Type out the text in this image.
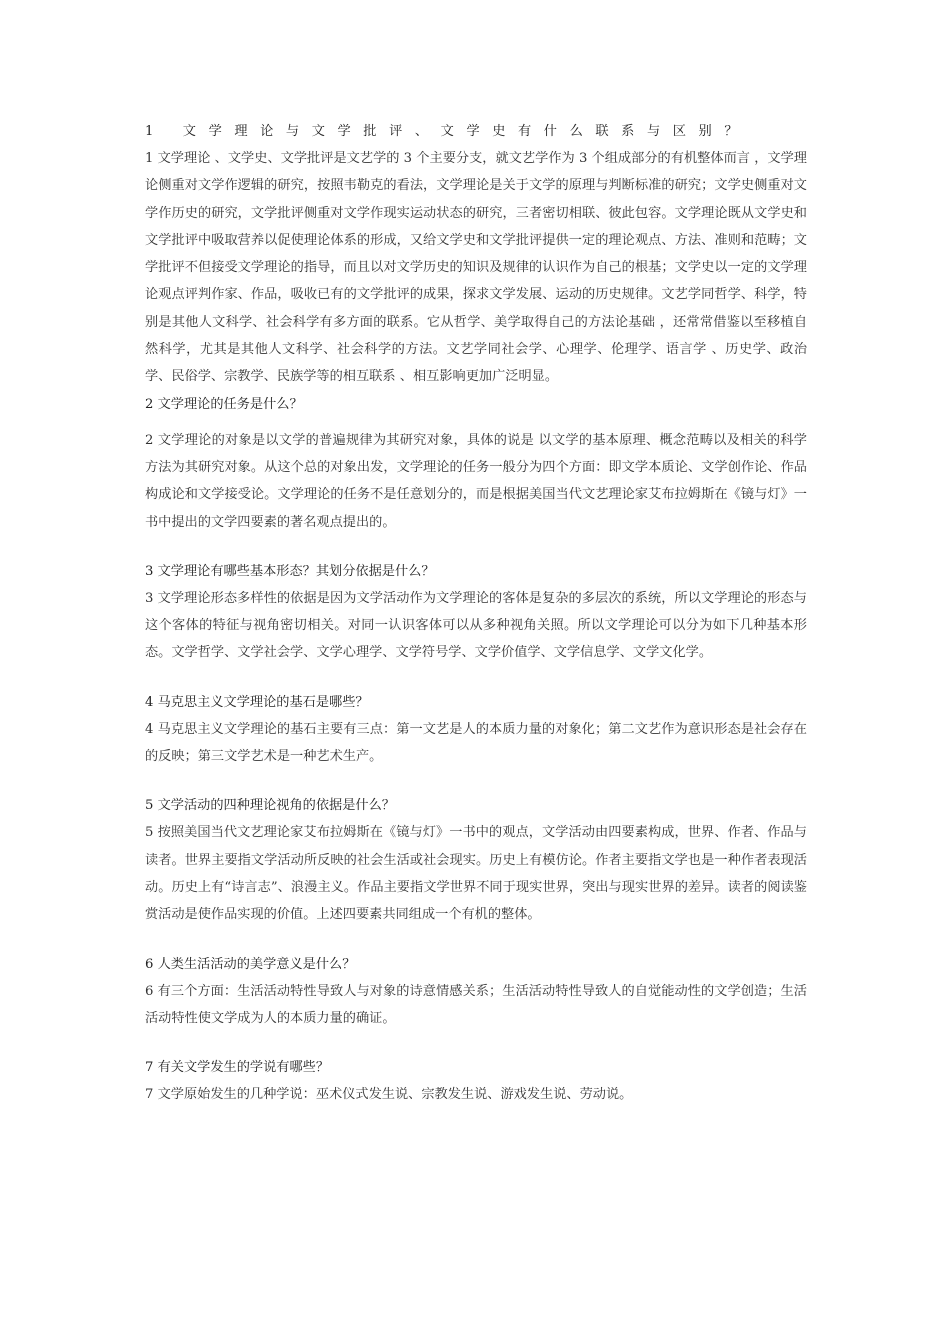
1 文学理论与文学批评、文学史有什么联系与区别？

1 文学理论 、文学史、文学批评是文艺学的 3 个主要分支，就文艺学作为 3 个组成部分的有机整体而言 ，文学理论侧重对文学作逻辑的研究，按照韦勒克的看法，文学理论是关于文学的原理与判断标准的研究；文学史侧重对文学作历史的研究，文学批评侧重对文学作现实运动状态的研究，三者密切相联、彼此包容。文学理论既从文学史和文学批评中吸取营养以促使理论体系的形成，又给文学史和文学批评提供一定的理论观点、方法、准则和范畴；文学批评不但接受文学理论的指导，而且以对文学历史的知识及规律的认识作为自己的根基；文学史以一定的文学理论观点评判作家、作品，吸收已有的文学批评的成果，探求文学发展、运动的历史规律。文艺学同哲学、科学，特别是其他人文科学、社会科学有多方面的联系。它从哲学、美学取得自己的方法论基础 ，还常常借鉴以至移植自然科学，尤其是其他人文科学、社会科学的方法。文艺学同社会学、心理学、伦理学、语言学 、历史学、政治学、民俗学、宗教学、民族学等的相互联系 、相互影响更加广泛明显。

2 文学理论的任务是什么？

2 文学理论的对象是以文学的普遍规律为其研究对象，具体的说是 以文学的基本原理、概念范畴以及相关的科学方法为其研究对象。从这个总的对象出发，文学理论的任务一般分为四个方面：即文学本质论、文学创作论、作品构成论和文学接受论。文学理论的任务不是任意划分的，而是根据美国当代文艺理论家艾布拉姆斯在《镜与灯》一书中提出的文学四要素的著名观点提出的。

3 文学理论有哪些基本形态？其划分依据是什么？

3 文学理论形态多样性的依据是因为文学活动作为文学理论的客体是复杂的多层次的系统，所以文学理论的形态与这个客体的特征与视角密切相关。对同一认识客体可以从多种视角关照。所以文学理论可以分为如下几种基本形态。文学哲学、文学社会学、文学心理学、文学符号学、文学价值学、文学信息学、文学文化学。

4 马克思主义文学理论的基石是哪些？

4 马克思主义文学理论的基石主要有三点：第一文艺是人的本质力量的对象化；第二文艺作为意识形态是社会存在的反映；第三文学艺术是一种艺术生产。

5 文学活动的四种理论视角的依据是什么？

5 按照美国当代文艺理论家艾布拉姆斯在《镜与灯》一书中的观点，文学活动由四要素构成，世界、作者、作品与读者。世界主要指文学活动所反映的社会生活或社会现实。历史上有模仿论。作者主要指文学也是一种作者表现活动。历史上有“诗言志”、浪漫主义。作品主要指文学世界不同于现实世界，突出与现实世界的差异。读者的阅读鉴赏活动是使作品实现的价值。上述四要素共同组成一个有机的整体。

6 人类生活活动的美学意义是什么？

6 有三个方面：生活活动特性导致人与对象的诗意情感关系；生活活动特性导致人的自觉能动性的文学创造；生活活动特性使文学成为人的本质力量的确证。

7 有关文学发生的学说有哪些？

7 文学原始发生的几种学说：巫术仪式发生说、宗教发生说、游戏发生说、劳动说。
